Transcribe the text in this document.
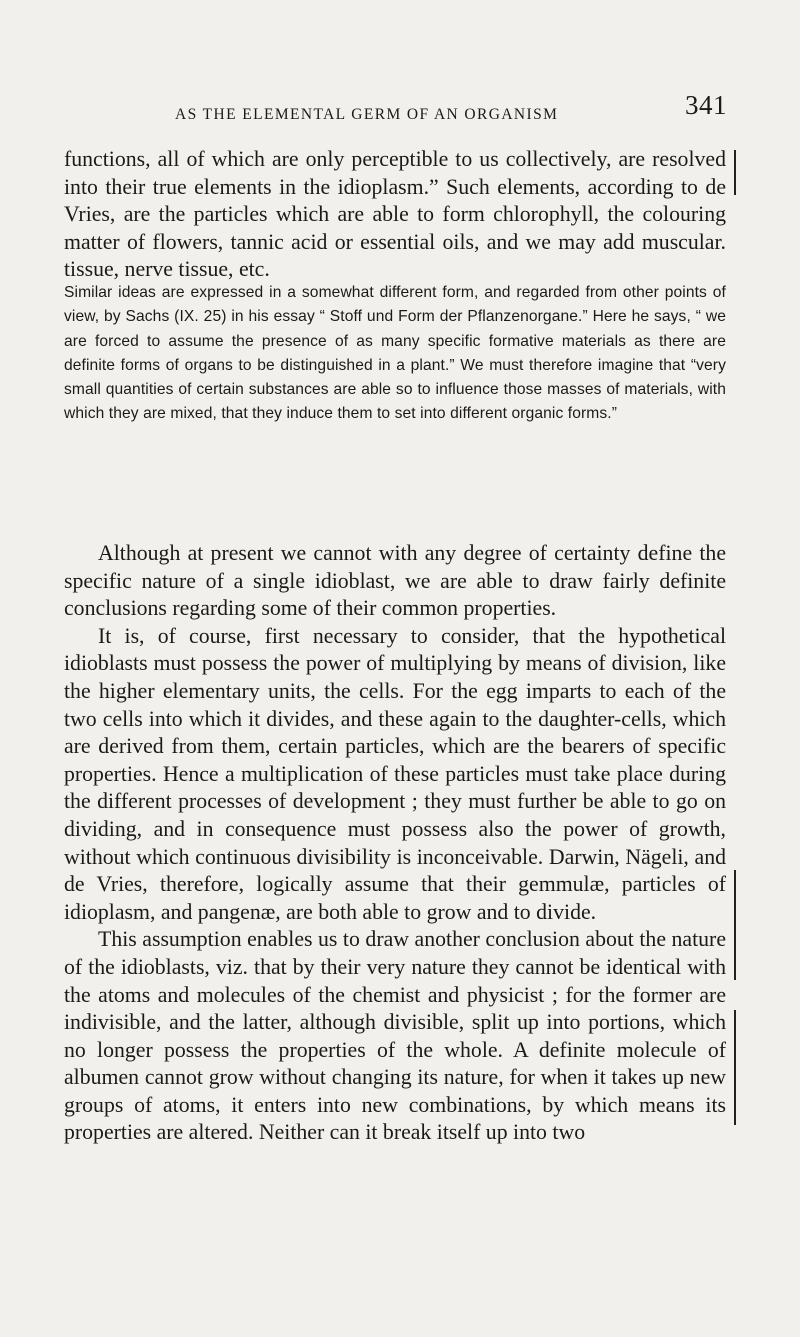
AS THE ELEMENTAL GERM OF AN ORGANISM	341

functions, all of which are only perceptible to us collectively, are resolved into their true elements in the idioplasm.” Such elements, according to de Vries, are the particles which are able to form chlorophyll, the colouring matter of flowers, tannic acid or essential oils, and we may add muscular. tissue, nerve tissue, etc.

Similar ideas are expressed in a somewhat different form, and regarded from other points of view, by Sachs (IX. 25) in his essay “ Stoff und Form der Pflanzenorgane.” Here he says, “ we are forced to assume the presence of as many specific formative materials as there are definite forms of organs to be distinguished in a plant.” We must therefore imagine that “very small quantities of certain substances are able so to influence those masses of materials, with which they are mixed, that they induce them to set into different organic forms.”

Although at present we cannot with any degree of certainty define the specific nature of a single idioblast, we are able to draw fairly definite conclusions regarding some of their common properties.

It is, of course, first necessary to consider, that the hypothetical idioblasts must possess the power of multiplying by means of division, like the higher elementary units, the cells. For the egg imparts to each of the two cells into which it divides, and these again to the daughter-cells, which are derived from them, certain particles, which are the bearers of specific properties. Hence a multiplication of these particles must take place during the different processes of development ; they must further be able to go on dividing, and in consequence must possess also the power of growth, without which continuous divisibility is inconceivable. Darwin, Nägeli, and de Vries, therefore, logically assume that their gemmulæ, particles of idioplasm, and pangenæ, are both able to grow and to divide.

This assumption enables us to draw another conclusion about the nature of the idioblasts, viz. that by their very nature they cannot be identical with the atoms and molecules of the chemist and physicist ; for the former are indivisible, and the latter, although divisible, split up into portions, which no longer possess the properties of the whole. A definite molecule of albumen cannot grow without changing its nature, for when it takes up new groups of atoms, it enters into new combinations, by which means its properties are altered. Neither can it break itself up into two
